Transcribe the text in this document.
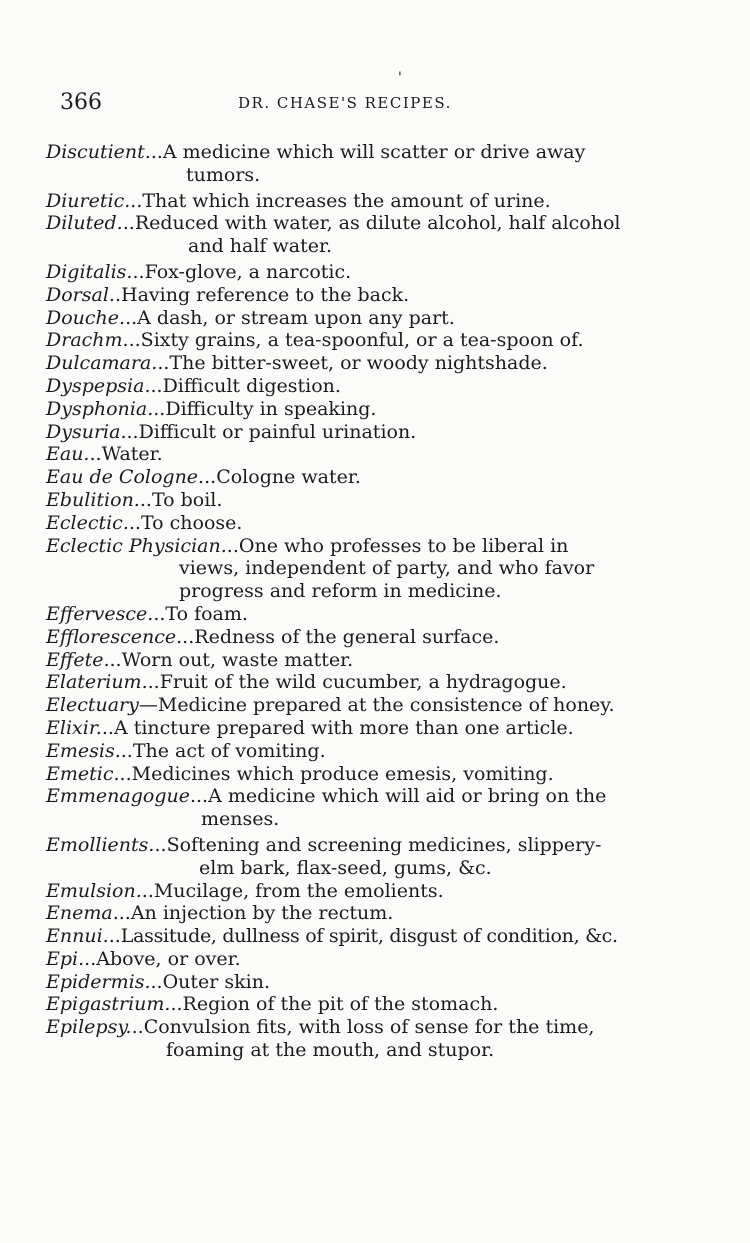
'
366	DR. CHASE'S RECIPES.

Discutient...A medicine which will scatter or drive away
tumors.

Diuretic...That which increases the amount of urine.

Diluted...Reduced with water, as dilute alcohol, half alcohol
and half water.

Digitalis...Fox-glove, a narcotic.

Dorsal..Having reference to the back.

Douche...A dash, or stream upon any part.

Drachm...Sixty grains, a tea-spoonful, or a tea-spoon of.

Dulcamara...The bitter-sweet, or woody nightshade.

Dyspepsia...Difficult digestion.

Dysphonia...Difficulty in speaking.

Dysuria...Difficult or painful urination.

Eau...Water.

Eau de Cologne...Cologne water.

Ebulition...To boil.

Eclectic...To choose.

Eclectic Physician...One who professes to be liberal in
views, independent of party, and who favor
progress and reform in medicine.

Effervesce...To foam.

Efflorescence...Redness of the general surface.

Effete...Worn out, waste matter.

Elaterium...Fruit of the wild cucumber, a hydragogue.

Electuary—Medicine prepared at the consistence of honey.

Elixir...A tincture prepared with more than one article.

Emesis...The act of vomiting.

Emetic...Medicines which produce emesis, vomiting.

Emmenagogue...A medicine which will aid or bring on the
menses.

Emollients...Softening and screening medicines, slippery-
elm bark, flax-seed, gums, &c.

Emulsion...Mucilage, from the emolients.

Enema...An injection by the rectum.

Ennui...Lassitude, dullness of spirit, disgust of condition, &c.

Epi...Above, or over.

Epidermis...Outer skin.

Epigastrium...Region of the pit of the stomach.

Epilepsy...Convulsion fits, with loss of sense for the time,
foaming at the mouth, and stupor.
